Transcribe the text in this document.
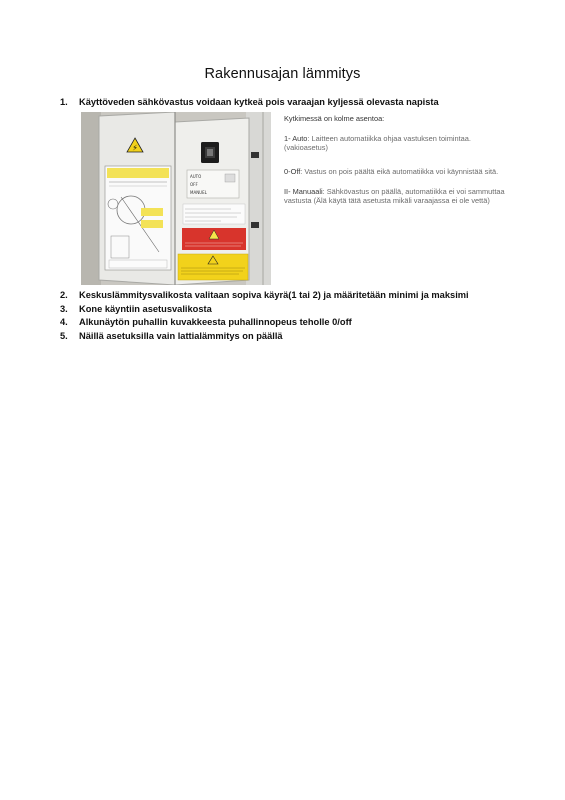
Rakennusajan lämmitys
1. Käyttöveden sähkövastus voidaan kytkeä pois varaajan kyljessä olevasta napista
⚡
AUTO
OFF
MANUEL
Kytkimessä on kolme asentoa:
1- Auto: Laitteen automatiikka ohjaa vastuksen toimintaa.
(vakioasetus)
0-Off: Vastus on pois päältä eikä automatiikka voi käynnistää sitä.
II- Manuaali: Sähkövastus on päällä, automatiikka ei voi sammuttaa
vastusta (Älä käytä tätä asetusta mikäli varaajassa ei ole vettä)
2. Keskuslämmitysvalikosta valitaan sopiva käyrä(1 tai 2) ja määritetään minimi ja maksimi
3. Kone käyntiin asetusvalikosta
4. Alkunäytön puhallin kuvakkeesta puhallinnopeus teholle 0/off
5. Näillä asetuksilla vain lattialämmitys on päällä
